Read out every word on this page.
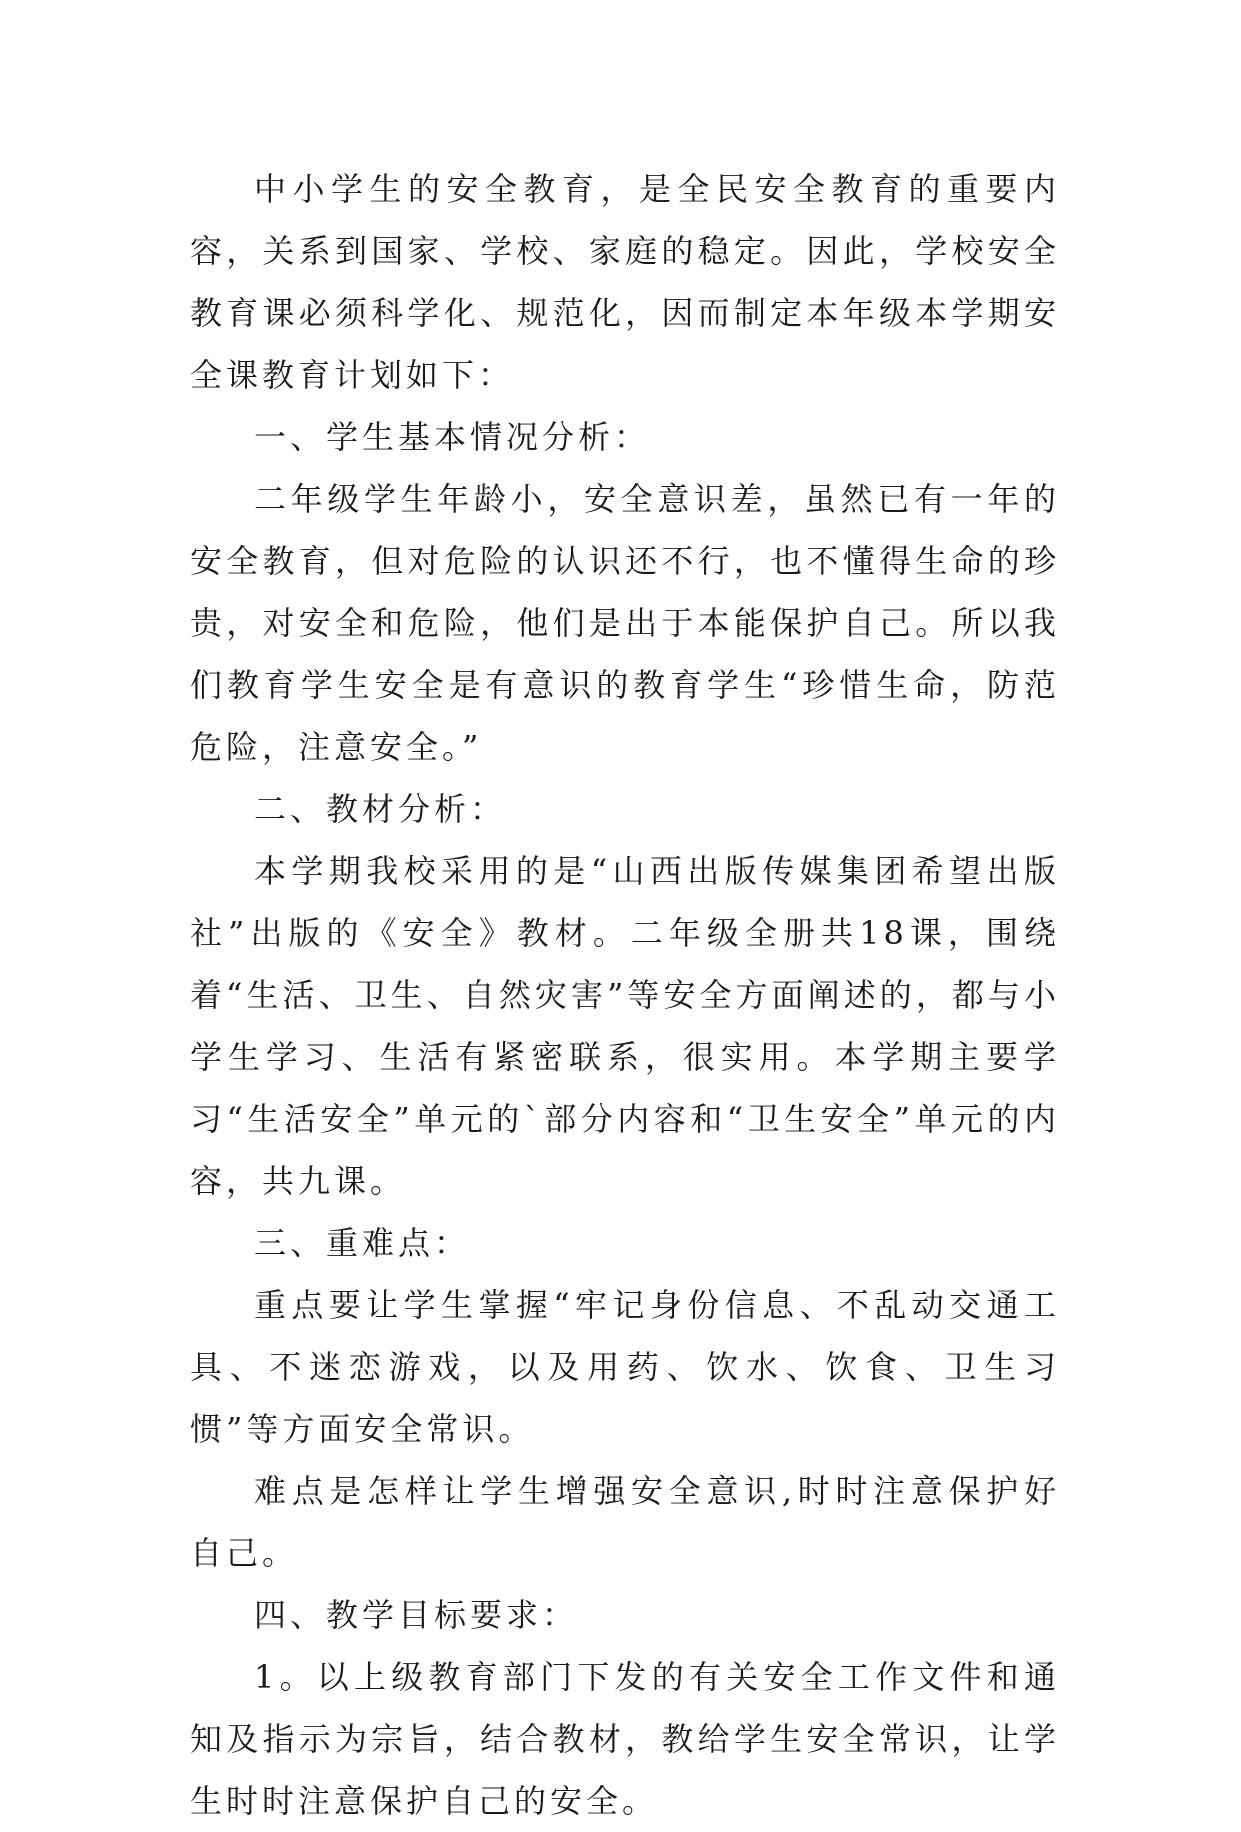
中小学生的安全教育，是全民安全教育的重要内容，关系到国家、学校、家庭的稳定。因此，学校安全教育课必须科学化、规范化，因而制定本年级本学期安全课教育计划如下：

一、学生基本情况分析：

二年级学生年龄小，安全意识差，虽然已有一年的安全教育，但对危险的认识还不行，也不懂得生命的珍贵，对安全和危险，他们是出于本能保护自己。所以我们教育学生安全是有意识的教育学生“珍惜生命，防范危险，注意安全。”

二、教材分析：

本学期我校采用的是“山西出版传媒集团希望出版社”出版的《安全》教材。二年级全册共18课，围绕着“生活、卫生、自然灾害”等安全方面阐述的，都与小学生学习、生活有紧密联系，很实用。本学期主要学习“生活安全”单元的`部分内容和“卫生安全”单元的内容，共九课。

三、重难点：

重点要让学生掌握“牢记身份信息、不乱动交通工具、不迷恋游戏，以及用药、饮水、饮食、卫生习惯”等方面安全常识。

难点是怎样让学生增强安全意识,时时注意保护好自己。

四、教学目标要求：

1。以上级教育部门下发的有关安全工作文件和通知及指示为宗旨，结合教材，教给学生安全常识，让学生时时注意保护自己的安全。
